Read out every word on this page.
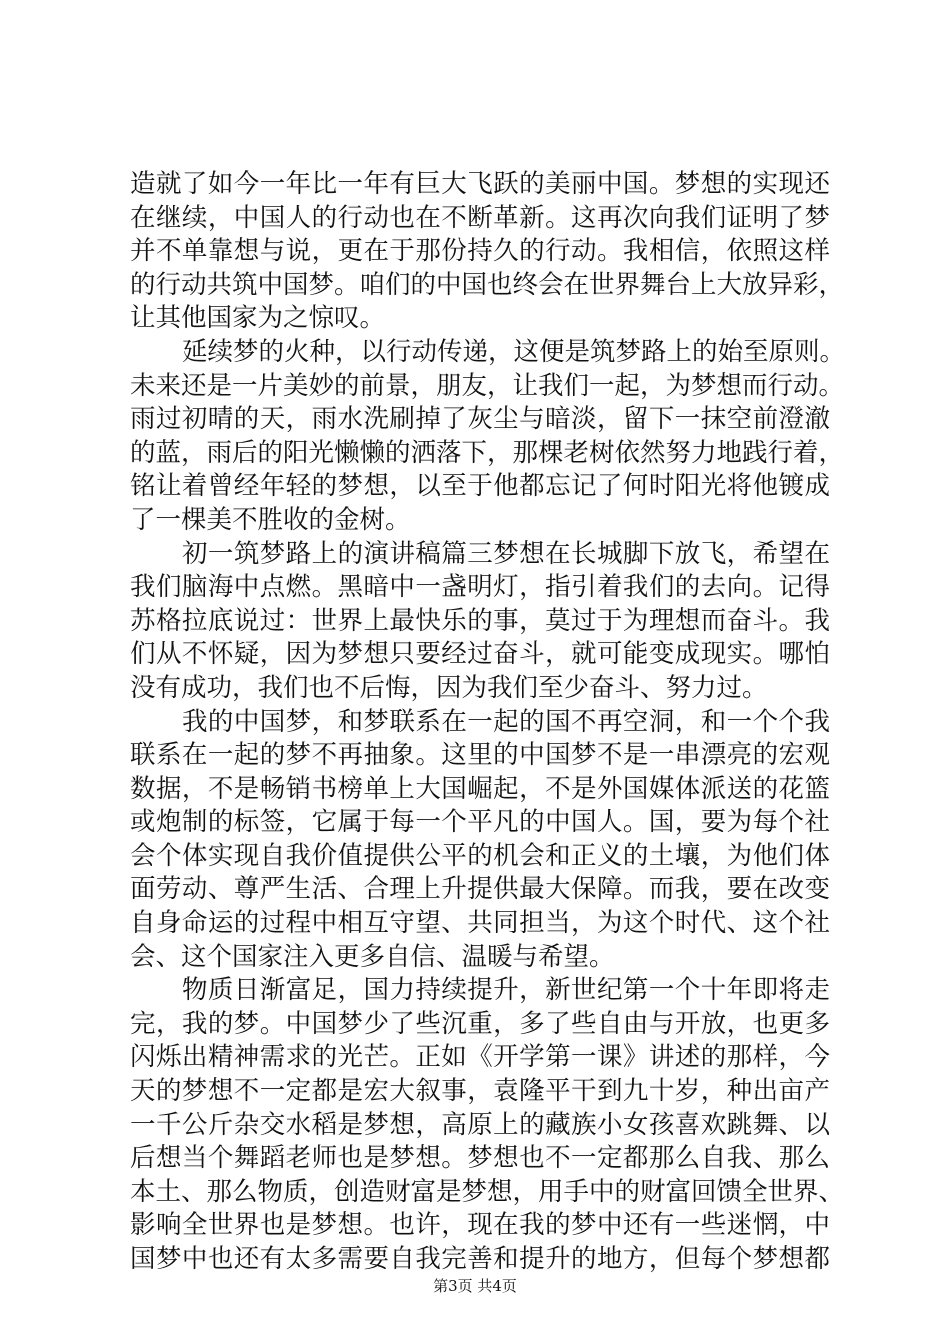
造就了如今一年比一年有巨大飞跃的美丽中国。梦想的实现还
在继续，中国人的行动也在不断革新。这再次向我们证明了梦
并不单靠想与说，更在于那份持久的行动。我相信，依照这样
的行动共筑中国梦。咱们的中国也终会在世界舞台上大放异彩，
让其他国家为之惊叹。
延续梦的火种，以行动传递，这便是筑梦路上的始至原则。
未来还是一片美妙的前景，朋友，让我们一起，为梦想而行动。
雨过初晴的天，雨水洗刷掉了灰尘与暗淡，留下一抹空前澄澈
的蓝，雨后的阳光懒懒的洒落下，那棵老树依然努力地践行着，
铭让着曾经年轻的梦想，以至于他都忘记了何时阳光将他镀成
了一棵美不胜收的金树。
初一筑梦路上的演讲稿篇三梦想在长城脚下放飞，希望在
我们脑海中点燃。黑暗中一盏明灯，指引着我们的去向。记得
苏格拉底说过：世界上最快乐的事，莫过于为理想而奋斗。我
们从不怀疑，因为梦想只要经过奋斗，就可能变成现实。哪怕
没有成功，我们也不后悔，因为我们至少奋斗、努力过。
我的中国梦，和梦联系在一起的国不再空洞，和一个个我
联系在一起的梦不再抽象。这里的中国梦不是一串漂亮的宏观
数据，不是畅销书榜单上大国崛起，不是外国媒体派送的花篮
或炮制的标签，它属于每一个平凡的中国人。国，要为每个社
会个体实现自我价值提供公平的机会和正义的土壤，为他们体
面劳动、尊严生活、合理上升提供最大保障。而我，要在改变
自身命运的过程中相互守望、共同担当，为这个时代、这个社
会、这个国家注入更多自信、温暖与希望。
物质日渐富足，国力持续提升，新世纪第一个十年即将走
完，我的梦。中国梦少了些沉重，多了些自由与开放，也更多
闪烁出精神需求的光芒。正如《开学第一课》讲述的那样，今
天的梦想不一定都是宏大叙事，袁隆平干到九十岁，种出亩产
一千公斤杂交水稻是梦想，高原上的藏族小女孩喜欢跳舞、以
后想当个舞蹈老师也是梦想。梦想也不一定都那么自我、那么
本土、那么物质，创造财富是梦想，用手中的财富回馈全世界、
影响全世界也是梦想。也许，现在我的梦中还有一些迷惘，中
国梦中也还有太多需要自我完善和提升的地方，但每个梦想都
第3页 共4页
